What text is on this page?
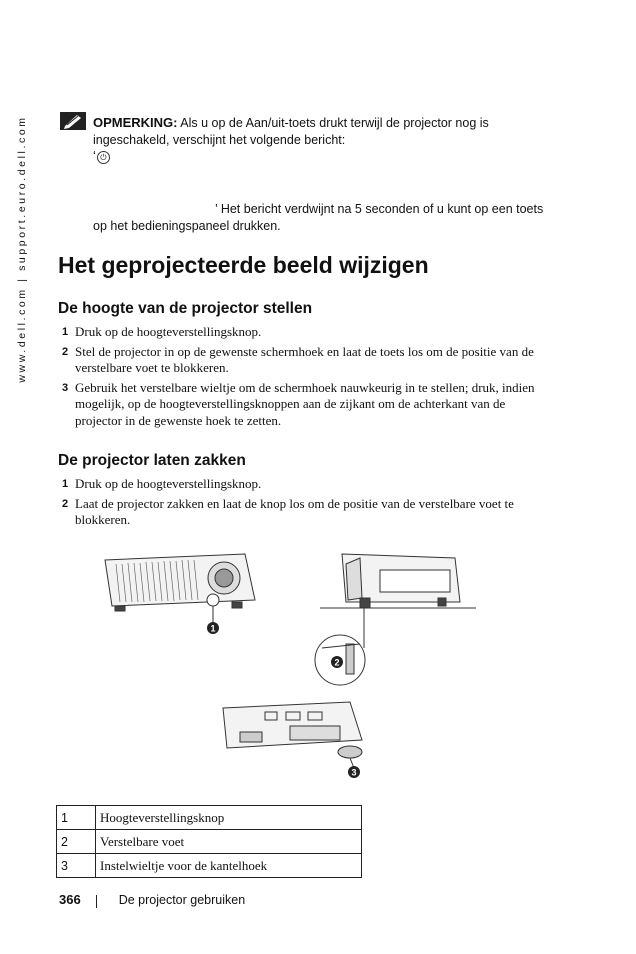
www.dell.com | support.euro.dell.com	OPMERKING: Als u op de Aan/uit-toets drukt terwijl de projector nog is ingeschakeld, verschijnt het volgende bericht:
‘ ⏻
’ Het bericht verdwijnt na 5 seconden of u kunt op een toets op het bedieningspaneel drukken.
Het geprojecteerde beeld wijzigen
De hoogte van de projector stellen
1 Druk op de hoogteverstellingsknop.
2 Stel de projector in op de gewenste schermhoek en laat de toets los om de positie van de verstelbare voet te blokkeren.
3 Gebruik het verstelbare wieltje om de schermhoek nauwkeurig in te stellen; druk, indien mogelijk, op de hoogteverstellingsknoppen aan de zijkant om de achterkant van de projector in de gewenste hoek te zetten.
De projector laten zakken
1 Druk op de hoogteverstellingsknop.
2 Laat de projector zakken en laat de knop los om de positie van de verstelbare voet te blokkeren.
1
2
3
1	Hoogteverstellingsknop
2	Verstelbare voet
3	Instelwieltje voor de kantelhoek
366	De projector gebruiken
